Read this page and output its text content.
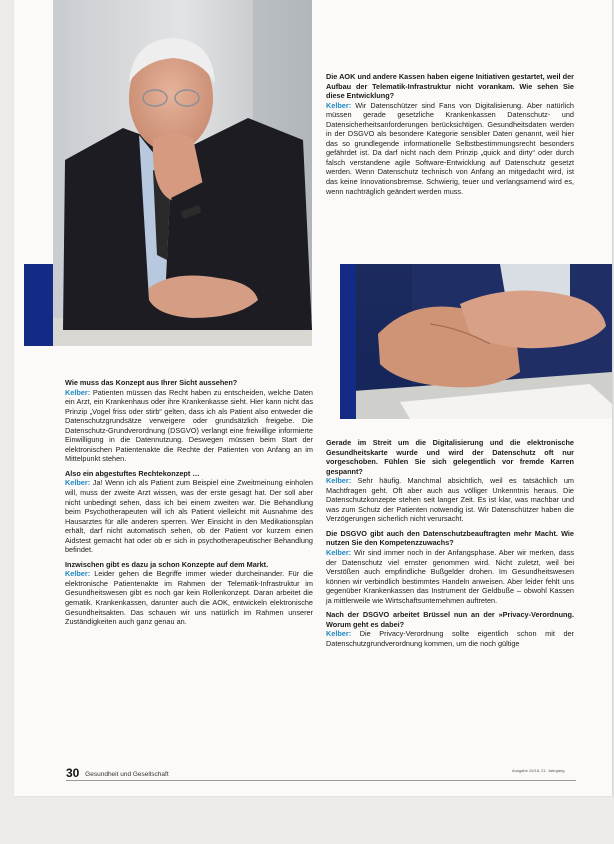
Die AOK und andere Kassen haben eigene Initiativen gestartet, weil der Aufbau der Telematik-Infrastruktur nicht vorankam. Wie sehen Sie diese Entwicklung?

Kelber: Wir Datenschützer sind Fans von Digitalisierung. Aber natürlich müssen gerade gesetzliche Krankenkassen Datenschutz- und Datensicherheitsanforderungen berücksichtigen. Gesundheitsdaten werden in der DSGVO als besondere Kategorie sensibler Daten genannt, weil hier das so grundlegende informationelle Selbstbestimmungsrecht besonders gefährdet ist. Da darf nicht nach dem Prinzip „quick and dirty“ oder durch falsch verstandene agile Software-Entwicklung auf Datenschutz gesetzt werden. Wenn Datenschutz technisch von Anfang an mitgedacht wird, ist das keine Innovationsbremse. Schwierig, teuer und verlangsamend wird es, wenn nachträglich geändert werden muss.

Wie muss das Konzept aus Ihrer Sicht aussehen?

Kelber: Patienten müssen das Recht haben zu entscheiden, welche Daten ein Arzt, ein Krankenhaus oder ihre Krankenkasse sieht. Hier kann nicht das Prinzip „Vogel friss oder stirb“ gelten, dass ich als Patient also entweder die Datenschutzgrundsätze verweigere oder grundsätzlich freigebe. Die Datenschutz-Grundverordnung (DSGVO) verlangt eine freiwillige informierte Einwilligung in die Datennutzung. Deswegen müssen beim Start der elektronischen Patientenakte die Rechte der Patienten von Anfang an im Mittelpunkt stehen.

Also ein abgestuftes Rechtekonzept …

Kelber: Ja! Wenn ich als Patient zum Beispiel eine Zweitmeinung einholen will, muss der zweite Arzt wissen, was der erste gesagt hat. Der soll aber nicht unbedingt sehen, dass ich bei einem zweiten war. Die Behandlung beim Psychotherapeuten will ich als Patient vielleicht mit Ausnahme des Hausarztes für alle anderen sperren. Wer Einsicht in den Medikationsplan erhält, darf nicht automatisch sehen, ob der Patient vor kurzem einen Aidstest gemacht hat oder ob er sich in psychotherapeutischer Behandlung befindet.

Inzwischen gibt es dazu ja schon Konzepte auf dem Markt.

Kelber: Leider gehen die Begriffe immer wieder durcheinander. Für die elektronische Patientenakte im Rahmen der Telematik-Infrastruktur im Gesundheitswesen gibt es noch gar kein Rollenkonzept. Daran arbeitet die gematik. Krankenkassen, darunter auch die AOK, entwickeln elektronische Gesundheitsakten. Das schauen wir uns natürlich im Rahmen unserer Zuständigkeiten auch ganz genau an.

Gerade im Streit um die Digitalisierung und die elektronische Gesundheitskarte wurde und wird der Datenschutz oft nur vorgeschoben. Fühlen Sie sich gelegentlich vor fremde Karren gespannt?

Kelber: Sehr häufig. Manchmal absichtlich, weil es tatsächlich um Machtfragen geht. Oft aber auch aus völliger Unkenntnis heraus. Die Datenschutzkonzepte stehen seit langer Zeit. Es ist klar, was machbar und was zum Schutz der Patienten notwendig ist. Wir Datenschützer haben die Verzögerungen sicherlich nicht verursacht.

Die DSGVO gibt auch den Datenschutzbeauftragten mehr Macht. Wie nutzen Sie den Kompetenzzuwachs?

Kelber: Wir sind immer noch in der Anfangsphase. Aber wir merken, dass der Datenschutz viel ernster genommen wird. Nicht zuletzt, weil bei Verstößen auch empfindliche Bußgelder drohen. Im Gesundheitswesen können wir verbindlich bestimmtes Handeln anweisen. Aber leider fehlt uns gegenüber Krankenkassen das Instrument der Geldbuße – obwohl Kassen ja mittlerweile wie Wirtschaftsunternehmen auftreten.

Nach der DSGVO arbeitet Brüssel nun an der »Privacy-Verordnung. Worum geht es dabei?

Kelber: Die Privacy-Verordnung sollte eigentlich schon mit der Datenschutzgrundverordnung kommen, um die noch gültige

30 Gesundheit und Gesellschaft
Ausgabe 10/18, 21. Jahrgang
